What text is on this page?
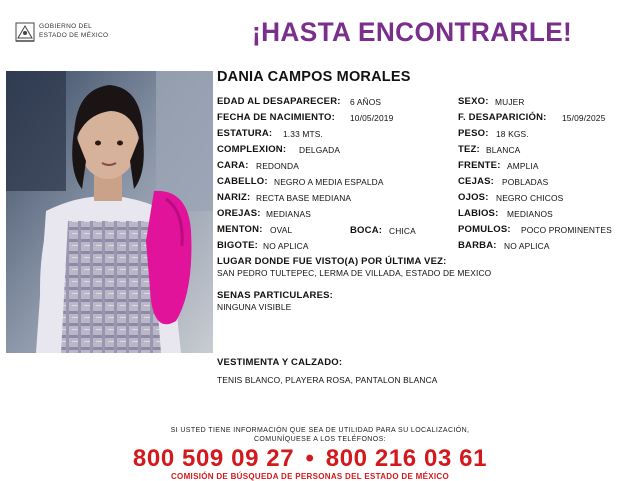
GOBIERNO DEL
ESTADO DE MÉXICO	¡HASTA ENCONTRARLE!
DANIA CAMPOS MORALES
EDAD AL DESAPARECER: 6 AÑOS	SEXO: MUJER
FECHA DE NACIMIENTO: 10/05/2019	F. DESAPARICIÓN: 15/09/2025
ESTATURA: 1.33 MTS.	PESO: 18 KGS.
COMPLEXION: DELGADA	TEZ: BLANCA
CARA: REDONDA	FRENTE: AMPLIA
CABELLO: NEGRO A MEDIA ESPALDA	CEJAS: POBLADAS
NARIZ: RECTA BASE MEDIANA	OJOS: NEGRO CHICOS
OREJAS: MEDIANAS	LABIOS: MEDIANOS
MENTON: OVAL	BOCA: CHICA	POMULOS: POCO PROMINENTES
BIGOTE: NO APLICA	BARBA: NO APLICA
LUGAR DONDE FUE VISTO(A) POR ÚLTIMA VEZ:
SAN PEDRO TULTEPEC, LERMA DE VILLADA, ESTADO DE MEXICO
SENAS PARTICULARES:
NINGUNA VISIBLE
VESTIMENTA Y CALZADO:
TENIS BLANCO, PLAYERA ROSA, PANTALON BLANCA
SI USTED TIENE INFORMACIÓN QUE SEA DE UTILIDAD PARA SU LOCALIZACIÓN,
COMUNÍQUESE A LOS TELÉFONOS:
800 509 09 27 • 800 216 03 61
COMISIÓN DE BÚSQUEDA DE PERSONAS DEL ESTADO DE MÉXICO
